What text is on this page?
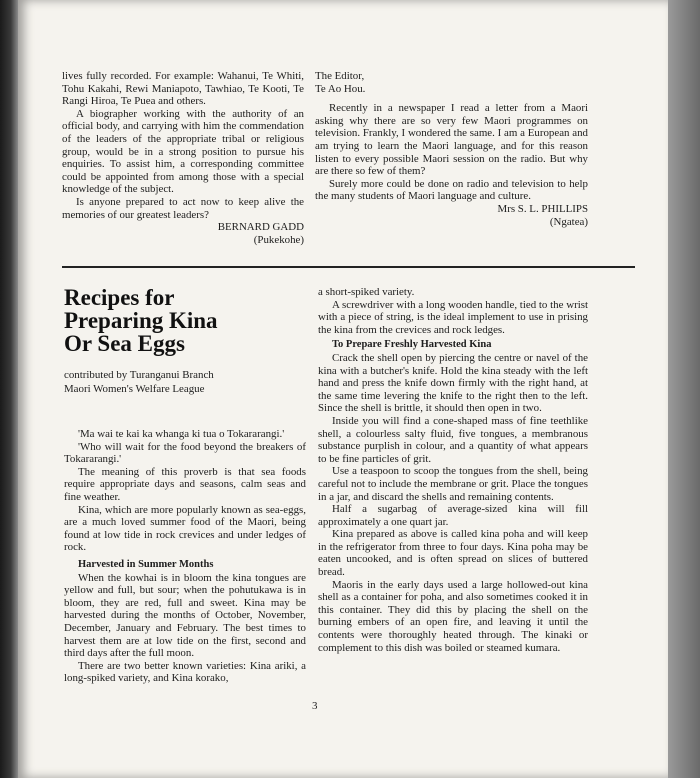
lives fully recorded. For example: Wahanui, Te Whiti, Tohu Kakahi, Rewi Maniapoto, Tawhiao, Te Kooti, Te Rangi Hiroa, Te Puea and others.

A biographer working with the authority of an official body, and carrying with him the commendation of the leaders of the appropriate tribal or religious group, would be in a strong position to pursue his enquiries. To assist him, a corresponding committee could be appointed from among those with a special knowledge of the subject.

Is anyone prepared to act now to keep alive the memories of our greatest leaders?

BERNARD GADD
(Pukekohe)
The Editor,
Te Ao Hou.

Recently in a newspaper I read a letter from a Maori asking why there are so very few Maori programmes on television. Frankly, I wondered the same. I am a European and am trying to learn the Maori language, and for this reason listen to every possible Maori session on the radio. But why are there so few of them?

Surely more could be done on radio and television to help the many students of Maori language and culture.

Mrs S. L. PHILLIPS
(Ngatea)
Recipes for
Preparing Kina
Or Sea Eggs
contributed by Turanganui Branch
Maori Women's Welfare League

'Ma wai te kai ka whanga ki tua o Tokararangi.'

'Who will wait for the food beyond the breakers of Tokararangi.'

The meaning of this proverb is that sea foods require appropriate days and seasons, calm seas and fine weather.

Kina, which are more popularly known as sea-eggs, are a much loved summer food of the Maori, being found at low tide in rock crevices and under ledges of rock.

Harvested in Summer Months

When the kowhai is in bloom the kina tongues are yellow and full, but sour; when the pohutukawa is in bloom, they are red, full and sweet. Kina may be harvested during the months of October, November, December, January and February. The best times to harvest them are at low tide on the first, second and third days after the full moon.

There are two better known varieties: Kina ariki, a long-spiked variety, and Kina korako,

a short-spiked variety.

A screwdriver with a long wooden handle, tied to the wrist with a piece of string, is the ideal implement to use in prising the kina from the crevices and rock ledges.

To Prepare Freshly Harvested Kina

Crack the shell open by piercing the centre or navel of the kina with a butcher's knife. Hold the kina steady with the left hand and press the knife down firmly with the right hand, at the same time levering the knife to the right then to the left. Since the shell is brittle, it should then open in two.

Inside you will find a cone-shaped mass of fine teethlike shell, a colourless salty fluid, five tongues, a membranous substance purplish in colour, and a quantity of what appears to be fine particles of grit.

Use a teaspoon to scoop the tongues from the shell, being careful not to include the membrane or grit. Place the tongues in a jar, and discard the shells and remaining contents.

Half a sugarbag of average-sized kina will fill approximately a one quart jar.

Kina prepared as above is called kina poha and will keep in the refrigerator from three to four days. Kina poha may be eaten uncooked, and is often spread on slices of buttered bread.

Maoris in the early days used a large hollowed-out kina shell as a container for poha, and also sometimes cooked it in this container. They did this by placing the shell on the burning embers of an open fire, and leaving it until the contents were thoroughly heated through. The kinaki or complement to this dish was boiled or steamed kumara.

3
